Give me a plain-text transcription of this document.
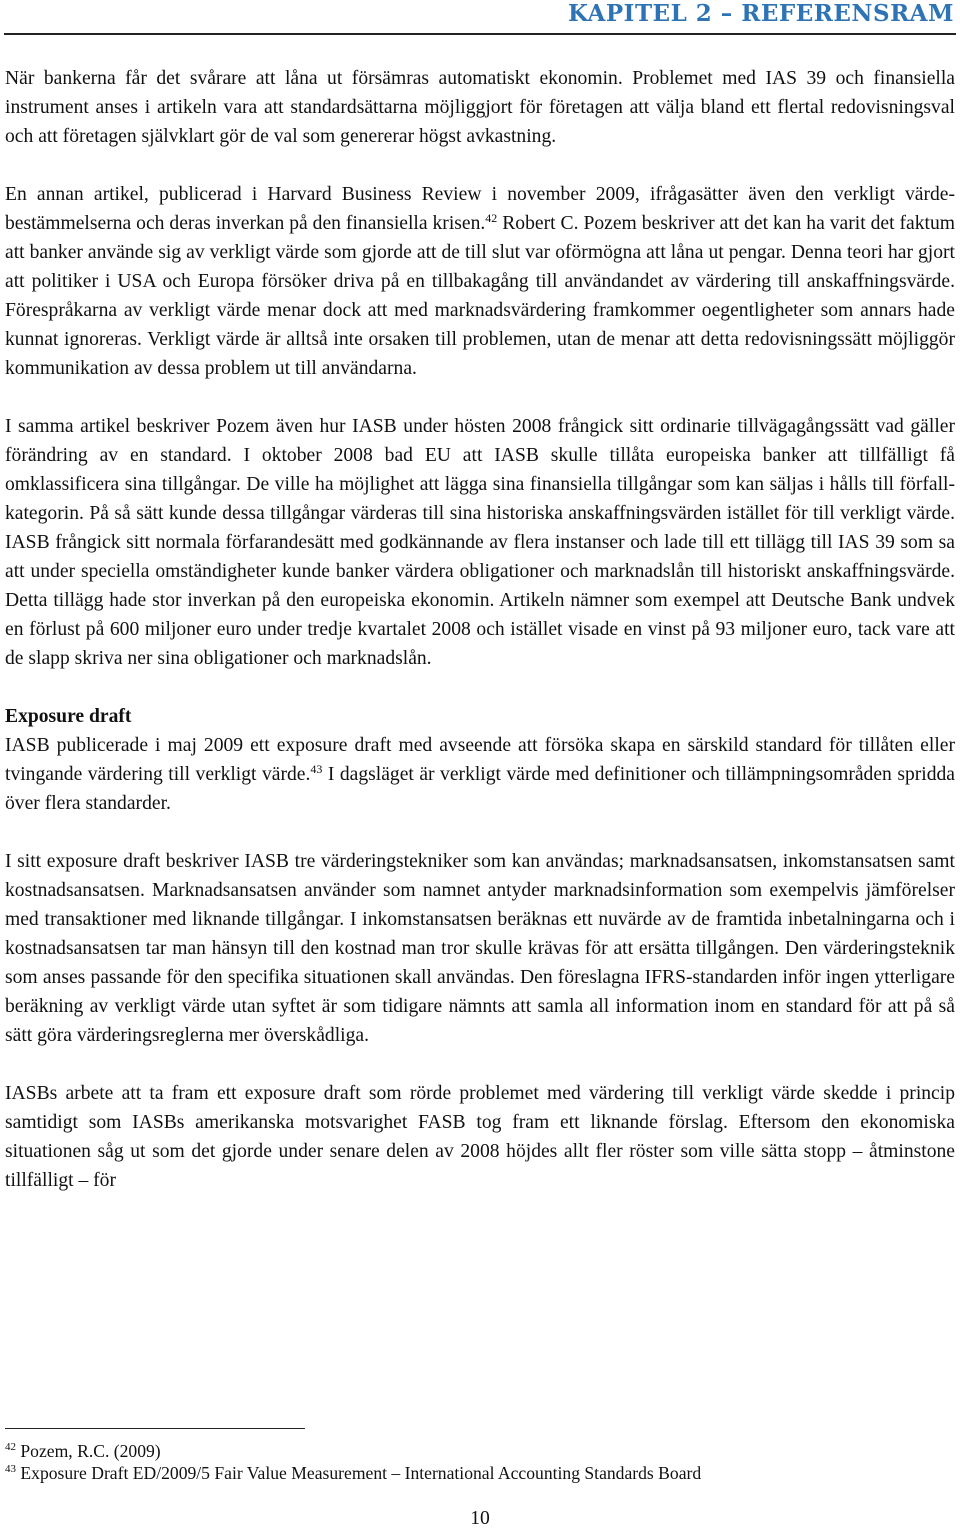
KAPITEL 2 – REFERENSRAM

När bankerna får det svårare att låna ut försämras automatiskt ekonomin. Problemet med IAS 39 och finansiella instrument anses i artikeln vara att standardsättarna möjliggjort för företagen att välja bland ett flertal redovisningsval och att företagen självklart gör de val som genererar högst avkastning.

En annan artikel, publicerad i Harvard Business Review i november 2009, ifrågasätter även den verkligt värde-bestämmelserna och deras inverkan på den finansiella krisen.$^{42}$ Robert C. Pozem beskriver att det kan ha varit det faktum att banker använde sig av verkligt värde som gjorde att de till slut var oförmögna att låna ut pengar. Denna teori har gjort att politiker i USA och Europa försöker driva på en tillbakagång till användandet av värdering till anskaffningsvärde. Förespråkarna av verkligt värde menar dock att med marknadsvärdering framkommer oegentligheter som annars hade kunnat ignoreras. Verkligt värde är alltså inte orsaken till problemen, utan de menar att detta redovisningssätt möjliggör kommunikation av dessa problem ut till användarna.

I samma artikel beskriver Pozem även hur IASB under hösten 2008 frångick sitt ordinarie tillvägagångssätt vad gäller förändring av en standard. I oktober 2008 bad EU att IASB skulle tillåta europeiska banker att tillfälligt få omklassificera sina tillgångar. De ville ha möjlighet att lägga sina finansiella tillgångar som kan säljas i hålls till förfall-kategorin. På så sätt kunde dessa tillgångar värderas till sina historiska anskaffningsvärden istället för till verkligt värde. IASB frångick sitt normala förfarandesätt med godkännande av flera instanser och lade till ett tillägg till IAS 39 som sa att under speciella omständigheter kunde banker värdera obligationer och marknadslån till historiskt anskaffningsvärde. Detta tillägg hade stor inverkan på den europeiska ekonomin. Artikeln nämner som exempel att Deutsche Bank undvek en förlust på 600 miljoner euro under tredje kvartalet 2008 och istället visade en vinst på 93 miljoner euro, tack vare att de slapp skriva ner sina obligationer och marknadslån.

Exposure draft
IASB publicerade i maj 2009 ett exposure draft med avseende att försöka skapa en särskild standard för tillåten eller tvingande värdering till verkligt värde.$^{43}$ I dagsläget är verkligt värde med definitioner och tillämpningsområden spridda över flera standarder.

I sitt exposure draft beskriver IASB tre värderingstekniker som kan användas; marknadsansatsen, inkomstansatsen samt kostnadsansatsen. Marknadsansatsen använder som namnet antyder marknadsinformation som exempelvis jämförelser med transaktioner med liknande tillgångar. I inkomstansatsen beräknas ett nuvärde av de framtida inbetalningarna och i kostnadsansatsen tar man hänsyn till den kostnad man tror skulle krävas för att ersätta tillgången. Den värderingsteknik som anses passande för den specifika situationen skall användas. Den föreslagna IFRS-standarden inför ingen ytterligare beräkning av verkligt värde utan syftet är som tidigare nämnts att samla all information inom en standard för att på så sätt göra värderingsreglerna mer överskådliga.

IASBs arbete att ta fram ett exposure draft som rörde problemet med värdering till verkligt värde skedde i princip samtidigt som IASBs amerikanska motsvarighet FASB tog fram ett liknande förslag. Eftersom den ekonomiska situationen såg ut som det gjorde under senare delen av 2008 höjdes allt fler röster som ville sätta stopp – åtminstone tillfälligt – för

$^{42}$ Pozem, R.C. (2009)

$^{43}$ Exposure Draft ED/2009/5 Fair Value Measurement – International Accounting Standards Board

10
